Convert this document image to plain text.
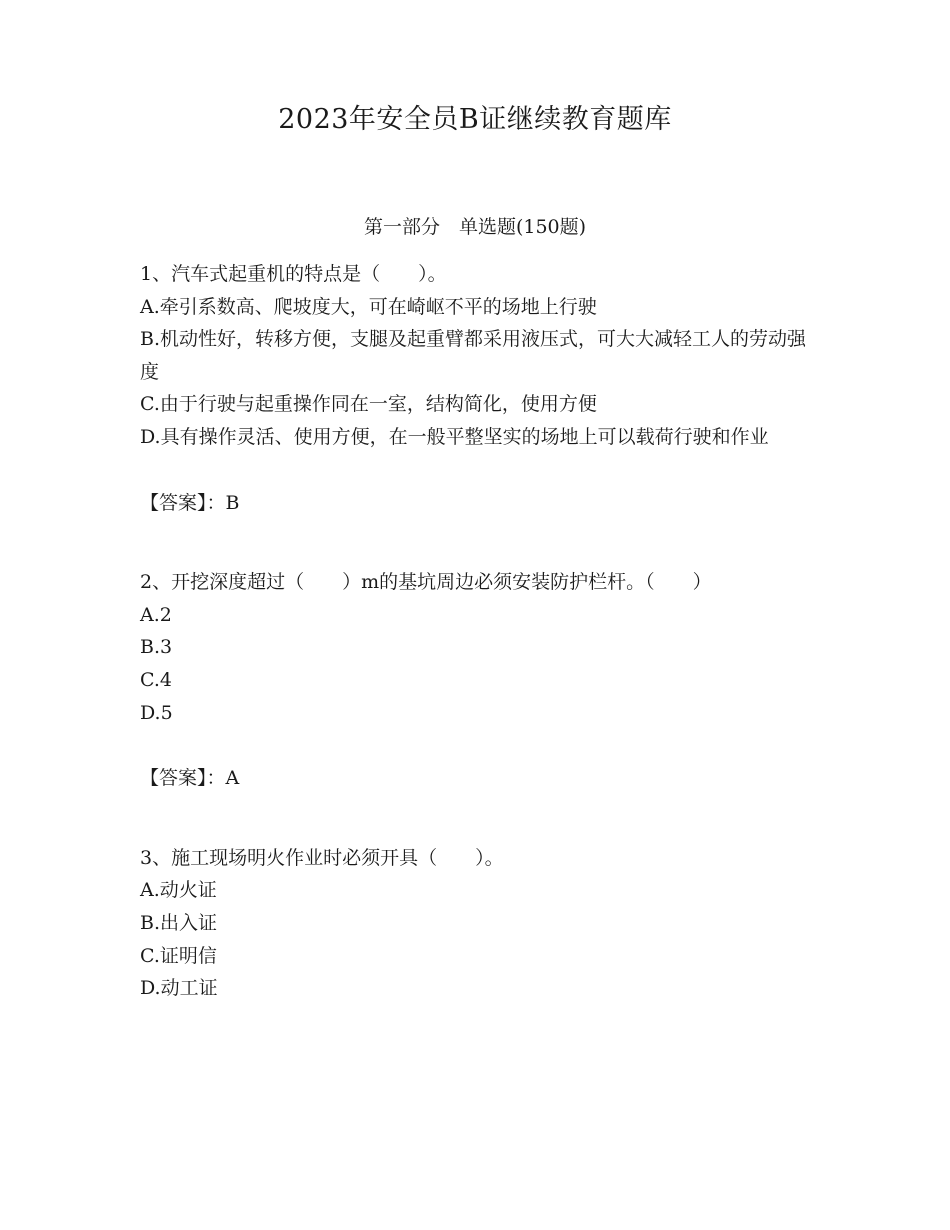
2023年安全员B证继续教育题库
第一部分　单选题(150题)
1、汽车式起重机的特点是（　　）。
A.牵引系数高、爬坡度大，可在崎岖不平的场地上行驶
B.机动性好，转移方便，支腿及起重臂都采用液压式，可大大减轻工人的劳动强度
C.由于行驶与起重操作同在一室，结构简化，使用方便
D.具有操作灵活、使用方便，在一般平整坚实的场地上可以载荷行驶和作业
【答案】：B
2、开挖深度超过（　　）m的基坑周边必须安装防护栏杆。（　　）
A.2
B.3
C.4
D.5
【答案】：A
3、施工现场明火作业时必须开具（　　）。
A.动火证
B.出入证
C.证明信
D.动工证
